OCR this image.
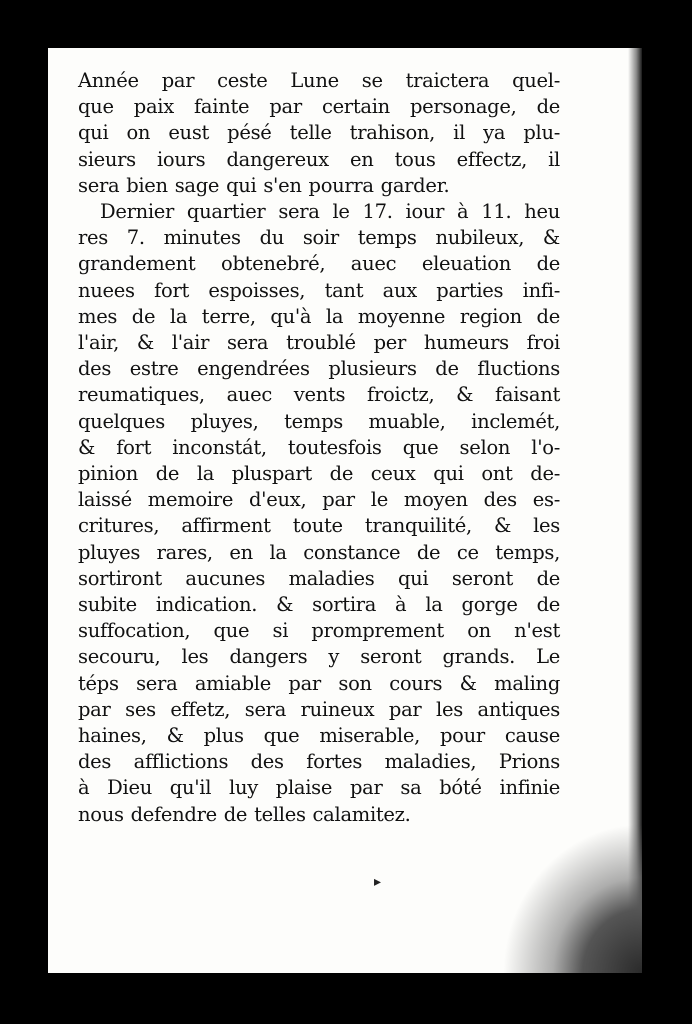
Année par ceste Lune se traictera quel-
que paix fainte par certain personage, de
qui on eust pésé telle trahison, il ya plu-
sieurs iours dangereux en tous effectz, il
sera bien sage qui s'en pourra garder.
Dernier quartier sera le 17. iour à 11. heu
res 7. minutes du soir temps nubileux, &
grandement obtenebré, auec eleuation de
nuees fort espoisses, tant aux parties infi-
mes de la terre, qu'à la moyenne region de
l'air, & l'air sera troublé per humeurs froi
des estre engendrées plusieurs de fluctions
reumatiques, auec vents froictz, & faisant
quelques pluyes, temps muable, inclemét,
& fort inconstát, toutesfois que selon l'o-
pinion de la pluspart de ceux qui ont de-
laissé memoire d'eux, par le moyen des es-
critures, affirment toute tranquilité, & les
pluyes rares, en la constance de ce temps,
sortiront aucunes maladies qui seront de
subite indication. & sortira à la gorge de
suffocation, que si promprement on n'est
secouru, les dangers y seront grands. Le
téps sera amiable par son cours & maling
par ses effetz, sera ruineux par les antiques
haines, & plus que miserable, pour cause
des afflictions des fortes maladies, Prions
à Dieu qu'il luy plaise par sa bóté infinie
nous defendre de telles calamitez.
▸
